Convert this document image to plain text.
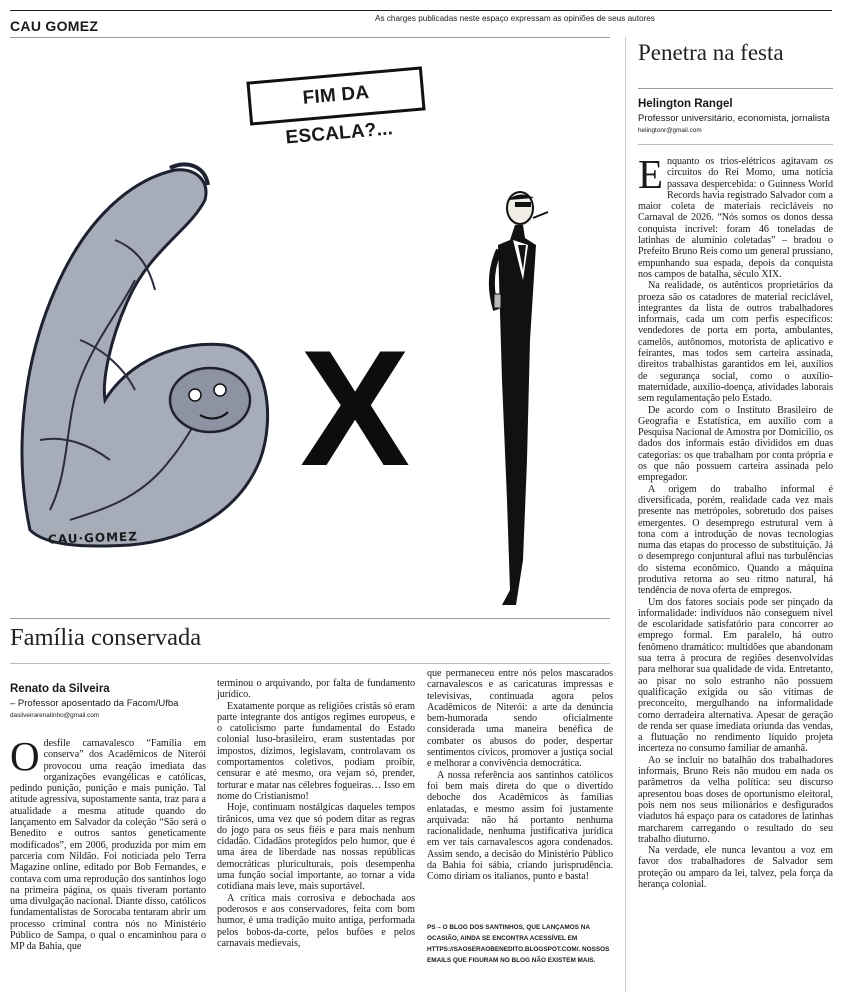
CAU GOMEZ	As charges publicadas neste espaço expressam as opiniões de seus autores
X
FIM DA ESCALA?...
CAU·GOMEZ
Família conservada
Renato da Silveira
– Professor aposentado da Facom/Ufba
dasilveirarenatinho@gmail.com

Odesfile carnavalesco “Família em conserva” dos Acadêmicos de Niterói provocou uma reação imediata das organizações evangélicas e católicas, pedindo punição, punição e mais punição. Tal atitude agressiva, supostamente santa, traz para a atualidade a mesma atitude quando do lançamento em Salvador da coleção “São será o Benedito e outros santos geneticamente modificados”, em 2006, produzida por mim em parceria com Nildão. Foi noticiada pelo Terra Magazine online, editado por Bob Fernandes, e contava com uma reprodução dos santinhos logo na primeira página, os quais tiveram portanto uma divulgação nacional. Diante disso, católicos fundamentalistas de Sorocaba tentaram abrir um processo criminal contra nós no Ministério Público de Sampa, o qual o encaminhou para o MP da Bahia, que

terminou o arquivando, por falta de fundamento jurídico.

Exatamente porque as religiões cristãs só eram parte integrante dos antigos regimes europeus, e o catolicismo parte fundamental do Estado colonial luso-brasileiro, eram sustentadas por impostos, dízimos, legislavam, controlavam os comportamentos coletivos, podiam proibir, censurar e até mesmo, ora vejam só, prender, torturar e matar nas célebres fogueiras… Isso em nome do Cristianismo!

Hoje, continuam nostálgicas daqueles tempos tirânicos, uma vez que só podem ditar as regras do jogo para os seus fiéis e para mais nenhum cidadão. Cidadãos protegidos pelo humor, que é uma área de liberdade nas nossas repúblicas democráticas pluriculturais, pois desempenha uma função social importante, ao tornar a vida cotidiana mais leve, mais suportável.

A crítica mais corrosiva e debochada aos poderosos e aos conservadores, feita com bom humor, é uma tradição muito antiga, performada pelos bobos-da-corte, pelos bufões e pelos carnavais medievais,

que permaneceu entre nós pelos mascarados carnavalescos e as caricaturas impressas e televisivas, continuada agora pelos Acadêmicos de Niterói: a arte da denúncia bem-humorada sendo oficialmente considerada uma maneira benéfica de combater os abusos do poder, despertar sentimentos cívicos, promover a justiça social e melhorar a convivência democrática.

A nossa referência aos santinhos católicos foi bem mais direta do que o divertido deboche dos Acadêmicos às famílias enlatadas, e mesmo assim foi justamente arquivada: não há portanto nenhuma racionalidade, nenhuma justificativa jurídica em ver tais carnavalescos agora condenados. Assim sendo, a decisão do Ministério Público da Bahia foi sábia, criando jurisprudência. Como diriam os italianos, punto e basta!

PS – O BLOG DOS SANTINHOS, QUE LANÇAMOS NA OCASIÃO, AINDA SE ENCONTRA ACESSÍVEL EM HTTPS://SAOSERAOBENEDITO.BLOGSPOT.COM/. NOSSOS EMAILS QUE FIGURAM NO BLOG NÃO EXISTEM MAIS.
Penetra na festa
Helington Rangel
Professor universitário, economista, jornalista
helingtonr@gmail.com

Enquanto os trios-elétricos agitavam os circuitos do Rei Momo, uma notícia passava despercebida: o Guinness World Records havia registrado Salvador com a maior coleta de materiais recicláveis no Carnaval de 2026. “Nós somos os donos dessa conquista incrível: foram 46 toneladas de latinhas de alumínio coletadas” – bradou o Prefeito Bruno Reis como um general prussiano, empunhando sua espada, depois da conquista nos campos de batalha, século XIX.

Na realidade, os autênticos proprietários da proeza são os catadores de material reciclável, integrantes da lista de outros trabalhadores informais, cada um com perfis específicos: vendedores de porta em porta, ambulantes, camelôs, autônomos, motorista de aplicativo e feirantes, mas todos sem carteira assinada, direitos trabalhistas garantidos em lei, auxílios de segurança social, como o auxílio-maternidade, auxílio-doença, atividades laborais sem regulamentação pelo Estado.

De acordo com o Instituto Brasileiro de Geografia e Estatística, em auxílio com a Pesquisa Nacional de Amostra por Domicílio, os dados dos informais estão divididos em duas categorias: os que trabalham por conta própria e os que não possuem carteira assinada pelo empregador.

A origem do trabalho informal é diversificada, porém, realidade cada vez mais presente nas metrópoles, sobretudo dos países emergentes. O desemprego estrutural vem à tona com a introdução de novas tecnologias numa das etapas do processo de substituição. Já o desemprego conjuntural aflui nas turbulências do sistema econômico. Quando a máquina produtiva retorna ao seu ritmo natural, há tendência de nova oferta de empregos.

Um dos fatores sociais pode ser pinçado da informalidade: indivíduos não conseguem nível de escolaridade satisfatório para concorrer ao emprego formal. Em paralelo, há outro fenômeno dramático: multidões que abandonam sua terra à procura de regiões desenvolvidas para melhorar sua qualidade de vida. Entretanto, ao pisar no solo estranho não possuem qualificação exigida ou são vítimas de preconceito, mergulhando na informalidade como derradeira alternativa. Apesar de geração de renda ser quase imediata oriunda das vendas, a flutuação no rendimento líquido projeta incerteza no consumo familiar de amanhã.

Ao se incluir no batalhão dos trabalhadores informais, Bruno Reis não mudou em nada os parâmetros da velha política: seu discurso apresentou boas doses de oportunismo eleitoral, pois nem nos seus milionários e desfigurados viadutos há espaço para os catadores de latinhas marcharem carregando o resultado do seu trabalho diuturno.

Na verdade, ele nunca levantou a voz em favor dos trabalhadores de Salvador sem proteção ou amparo da lei, talvez, pela força da herança colonial.
